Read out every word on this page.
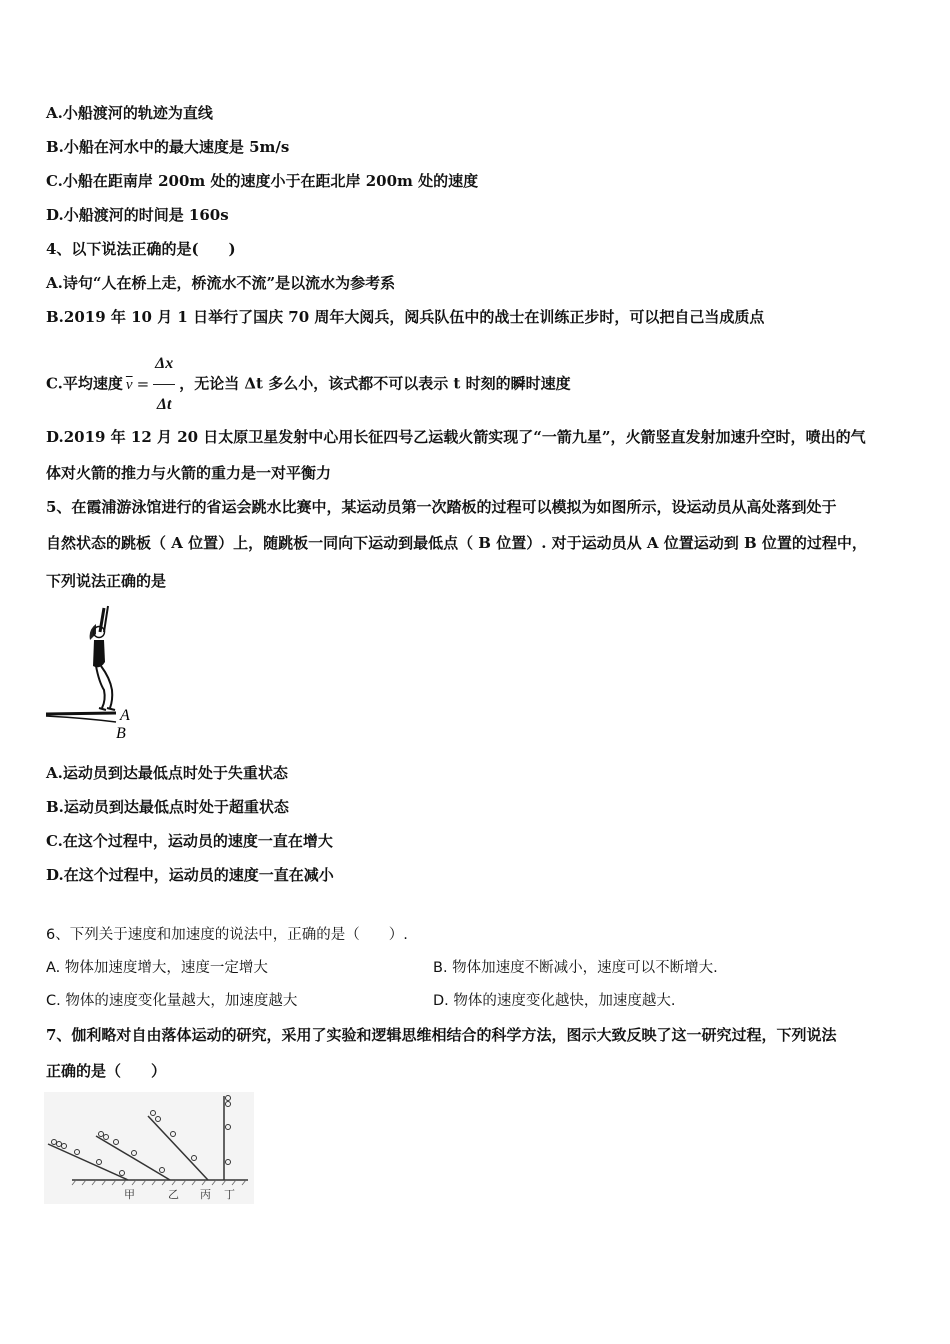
A.小船渡河的轨迹为直线
B.小船在河水中的最大速度是 5m/s
C.小船在距南岸 200m 处的速度小于在距北岸 200m 处的速度
D.小船渡河的时间是 160s
4、以下说法正确的是(　　)
A.诗句“人在桥上走，桥流水不流”是以流水为参考系
B.2019 年 10 月 1 日举行了国庆 70 周年大阅兵，阅兵队伍中的战士在训练正步时，可以把自己当成质点
C.平均速度 $\overline{v} = \frac{\Delta x}{\Delta t}$ ，无论当 Δt 多么小，该式都不可以表示 t 时刻的瞬时速度
D.2019 年 12 月 20 日太原卫星发射中心用长征四号乙运载火箭实现了“一箭九星”，火箭竖直发射加速升空时，喷出的气
体对火箭的推力与火箭的重力是一对平衡力
5、在霞浦游泳馆进行的省运会跳水比赛中，某运动员第一次踏板的过程可以模拟为如图所示，设运动员从高处落到处于
自然状态的跳板（ A 位置）上，随跳板一同向下运动到最低点（ B 位置）. 对于运动员从 A 位置运动到 B 位置的过程中，
下列说法正确的是
A
B
A.运动员到达最低点时处于失重状态
B.运动员到达最低点时处于超重状态
C.在这个过程中，运动员的速度一直在增大
D.在这个过程中，运动员的速度一直在减小
6、下列关于速度和加速度的说法中，正确的是（　　）.
A. 物体加速度增大，速度一定增大	B. 物体加速度不断减小，速度可以不断增大.
C. 物体的速度变化量越大，加速度越大	D. 物体的速度变化越快，加速度越大.
7、伽利略对自由落体运动的研究，采用了实验和逻辑思维相结合的科学方法，图示大致反映了这一研究过程，下列说法
正确的是（　　）
甲	乙 丙 丁
